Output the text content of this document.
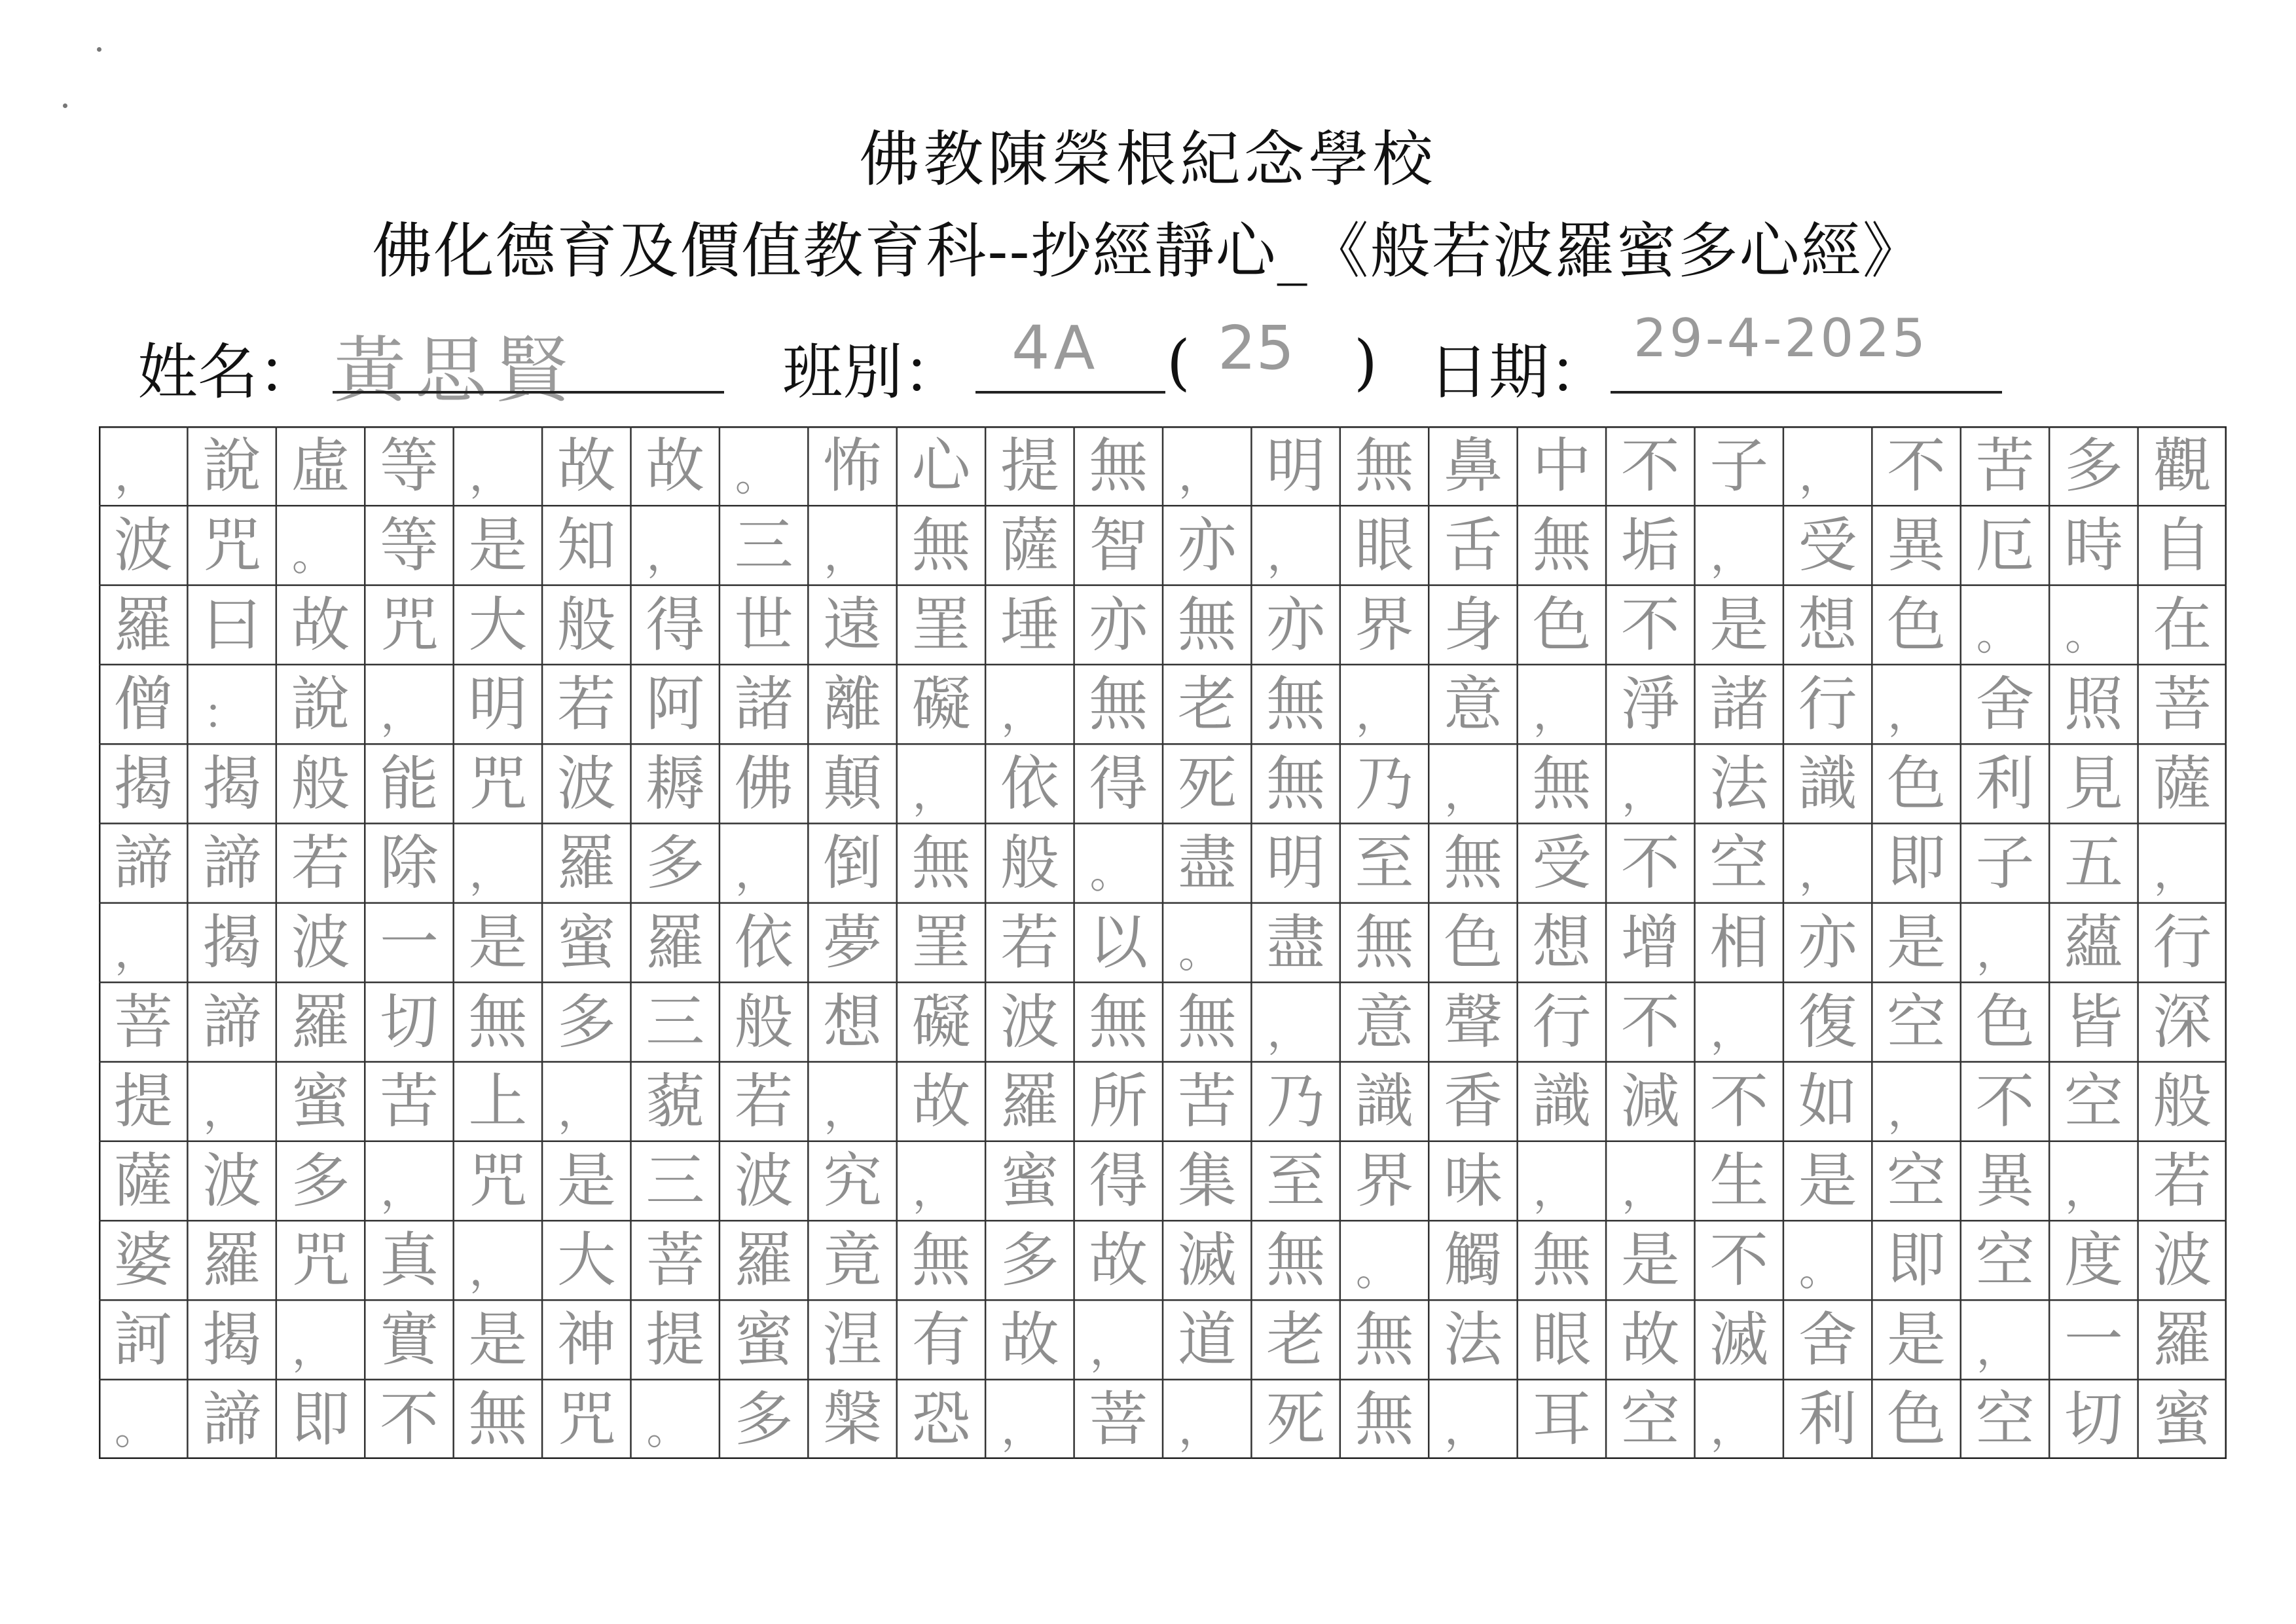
佛教陳榮根紀念學校
佛化德育及價值教育科--抄經靜心_《般若波羅蜜多心經》
姓名： 黃思賢	班別： 4A ( 25 ) 日期： 29-4-2025
觀
自
在
菩
薩
，
行
深
般
若
波
羅
蜜
多
時
。
照
見
五
蘊
皆
空
，
度
一
切
苦
厄
。
舍
利
子
，
色
不
異
空
，
空
不
異
色
，
色
即
是
空
，
空
即
是
色
，
受
想
行
識
，
亦
復
如
是
。
舍
利
子
，
是
諸
法
空
相
，
不
生
不
滅
，
不
垢
不
淨
，
不
增
不
減
，
是
故
空
中
無
色
，
無
受
想
行
識
，
無
眼
耳
鼻
舌
身
意
，
無
色
聲
香
味
觸
法
，
無
眼
界
，
乃
至
無
意
識
界
。
無
無
明
，
亦
無
無
明
盡
，
乃
至
無
老
死
，
亦
無
老
死
盡
。
無
苦
集
滅
道
，
無
智
亦
無
得
。
以
無
所
得
故
，
菩
提
薩
埵
，
依
般
若
波
羅
蜜
多
故
，
心
無
罣
礙
，
無
罣
礙
故
，
無
有
恐
怖
，
遠
離
顛
倒
夢
想
，
究
竟
涅
槃
。
三
世
諸
佛
，
依
般
若
波
羅
蜜
多
故
，
得
阿
耨
多
羅
三
藐
三
菩
提
。
故
知
般
若
波
羅
蜜
多
，
是
大
神
咒
，
是
大
明
咒
，
是
無
上
咒
，
是
無
等
等
咒
，
能
除
一
切
苦
，
真
實
不
虛
。
故
說
般
若
波
羅
蜜
多
咒
，
即
說
咒
曰
：
揭
諦
揭
諦
，
波
羅
揭
諦
，
波
羅
僧
揭
諦
，
菩
提
薩
婆
訶
。
